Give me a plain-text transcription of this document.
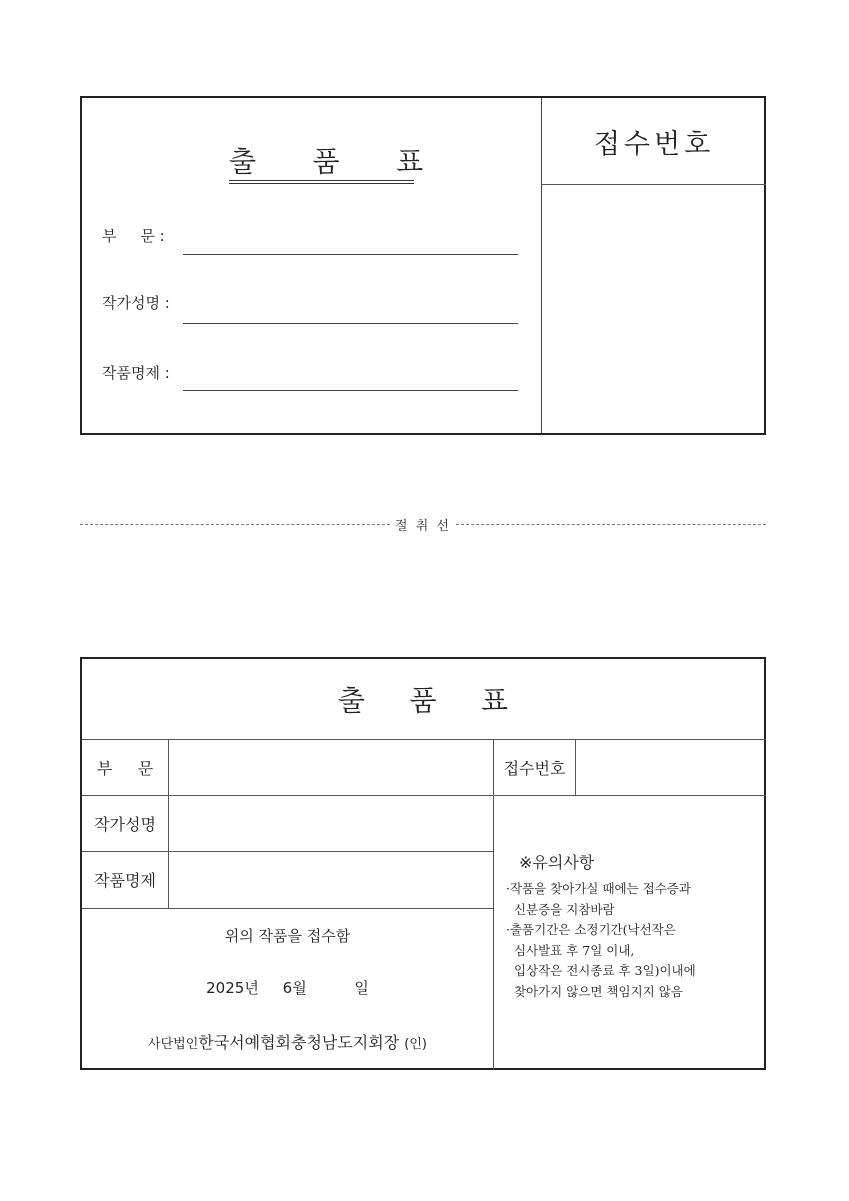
출     품     표
부     문 :
작가성명 :
작품명제 :
접수번호
절 취 선
출     품     표
부     문	접수번호
작가성명
작품명제
위의 작품을 접수함
2025년     6월          일
사단법인한국서예협회충청남도지회장 (인)
※유의사항
·작품을 찾아가실 때에는 접수증과
신분증을 지참바람
·출품기간은 소정기간(낙선작은
심사발표 후 7일 이내,
입상작은 전시종료 후 3일)이내에
찾아가지 않으면 책임지지 않음
